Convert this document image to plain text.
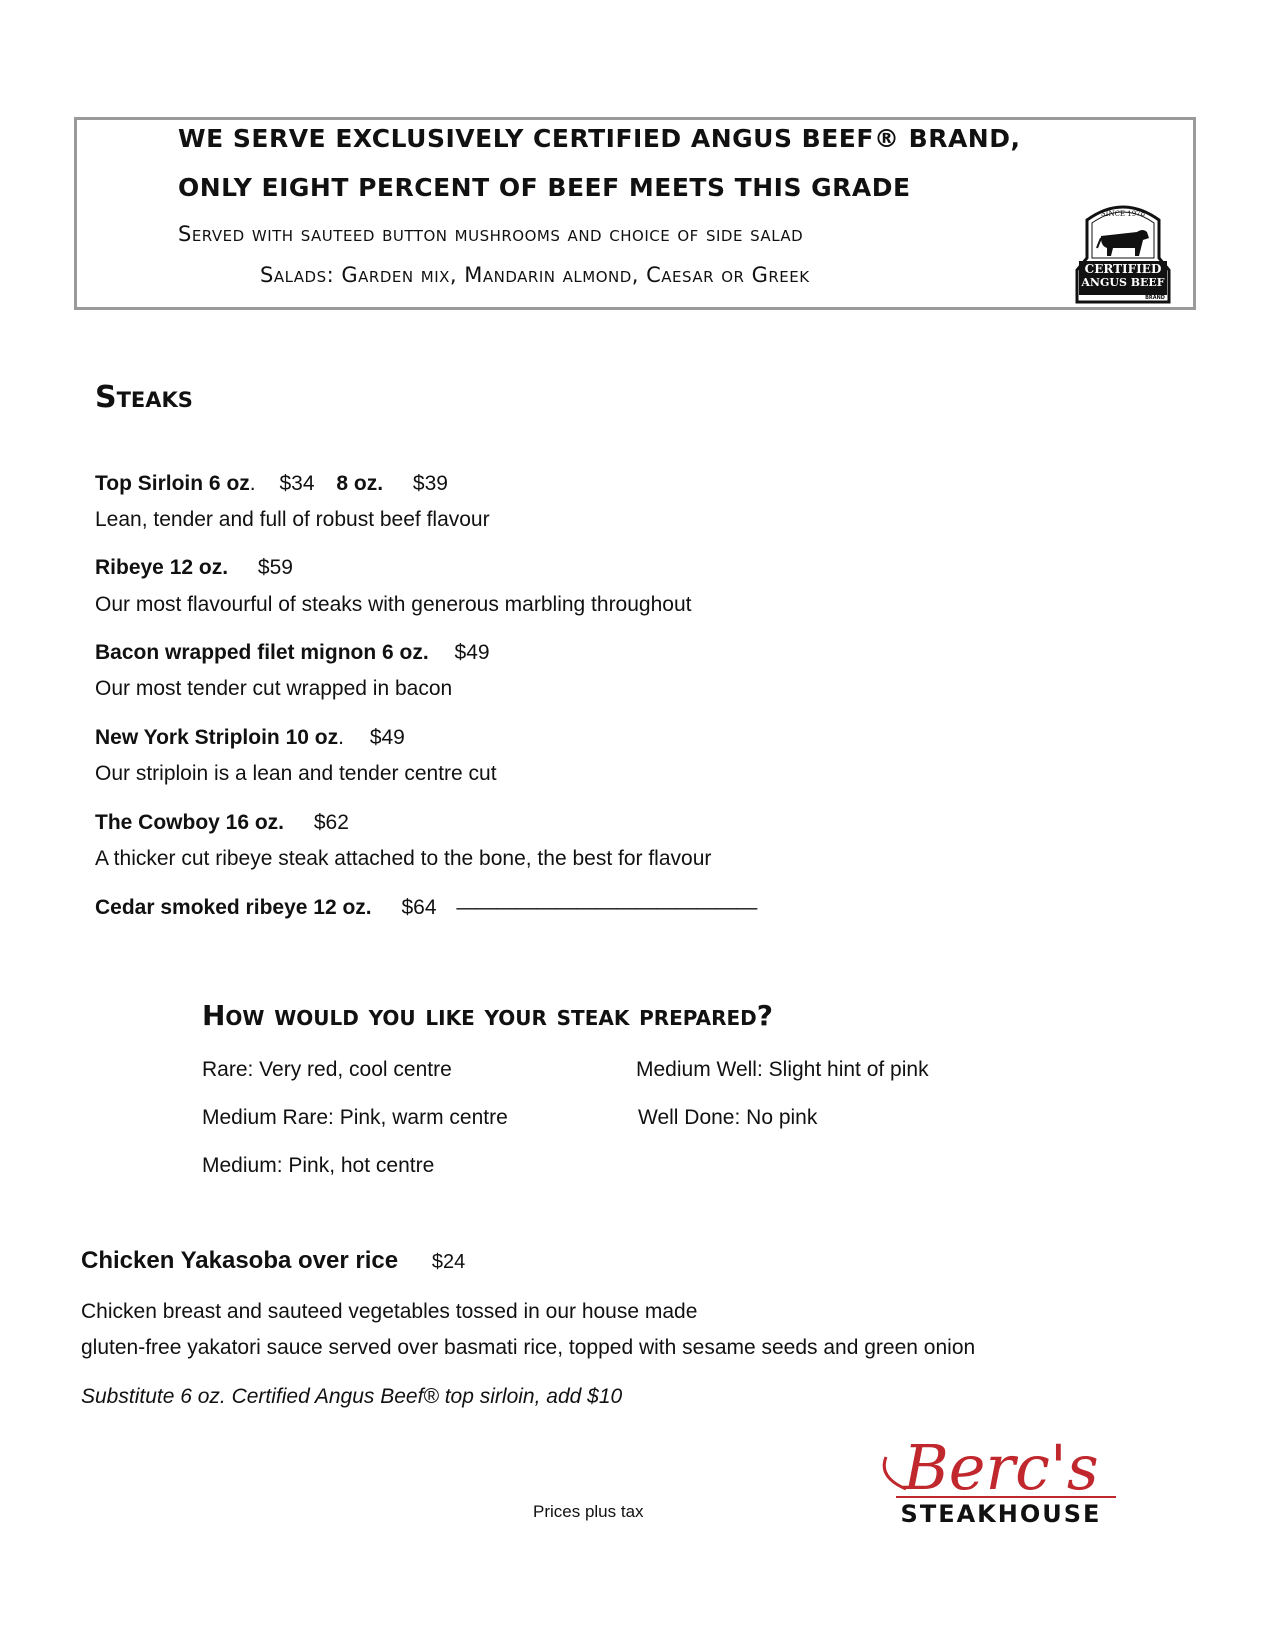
WE SERVE EXCLUSIVELY CERTIFIED ANGUS BEEF® BRAND,
ONLY EIGHT PERCENT OF BEEF MEETS THIS GRADE
Served with sauteed button mushrooms and choice of side salad
Salads: Garden mix, Mandarin almond, Caesar or Greek
SINCE 1978
CERTIFIED
ANGUS BEEF
BRAND
Steaks
Top Sirloin 6 oz. $34 8 oz. $39
Lean, tender and full of robust beef flavour
Ribeye 12 oz. $59
Our most flavourful of steaks with generous marbling throughout
Bacon wrapped filet mignon 6 oz. $49
Our most tender cut wrapped in bacon
New York Striploin 10 oz. $49
Our striploin is a lean and tender centre cut
The Cowboy 16 oz. $62
A thicker cut ribeye steak attached to the bone, the best for flavour
Cedar smoked ribeye 12 oz. $64 ———————————————
How would you like your steak prepared?
Rare: Very red, cool centre
Medium Rare: Pink, warm centre
Medium: Pink, hot centre
Medium Well: Slight hint of pink
Well Done: No pink
Chicken Yakasoba over rice $24
Chicken breast and sauteed vegetables tossed in our house made
gluten-free yakatori sauce served over basmati rice, topped with sesame seeds and green onion
Substitute 6 oz. Certified Angus Beef® top sirloin, add $10
Prices plus tax
Berc's
STEAKHOUSE
